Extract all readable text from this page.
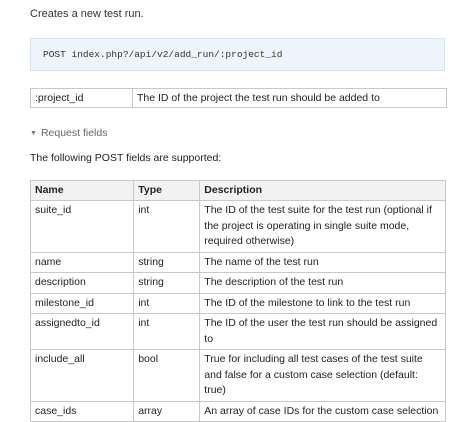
Creates a new test run.
POST index.php?/api/v2/add_run/:project_id
:project_id	The ID of the project the test run should be added to
▼ Request fields
The following POST fields are supported:
Name	Type	Description
suite_id	int	The ID of the test suite for the test run (optional if the project is operating in single suite mode, required otherwise)
name	string	The name of the test run
description	string	The description of the test run
milestone_id	int	The ID of the milestone to link to the test run
assignedto_id	int	The ID of the user the test run should be assigned to
include_all	bool	True for including all test cases of the test suite and false for a custom case selection (default: true)
case_ids	array	An array of case IDs for the custom case selection
